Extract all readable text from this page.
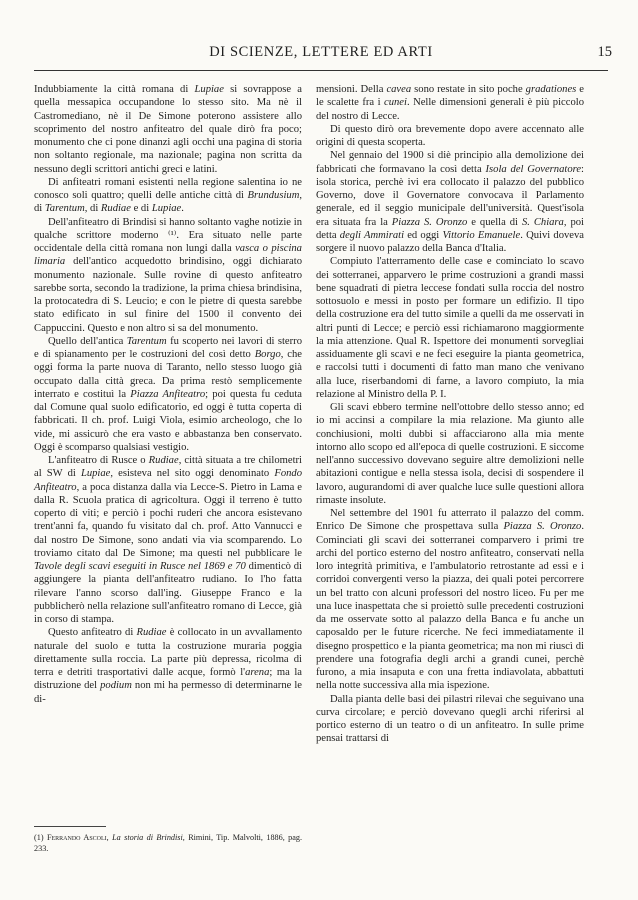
DI SCIENZE, LETTERE ED ARTI	15

Indubbiamente la città romana di Lupiae si sovrappose a quella messapica occupandone lo stesso sito. Ma nè il Castromediano, nè il De Simone poterono assistere allo scoprimento del nostro anfiteatro del quale dirò fra poco; monumento che ci pone dinanzi agli occhi una pagina di storia non soltanto regionale, ma nazionale; pagina non scritta da nessuno degli scrittori antichi greci e latini.

Di anfiteatri romani esistenti nella regione salentina io ne conosco soli quattro; quelli delle antiche città di Brundusium, di Tarentum, di Rudiae e di Lupiae.

Dell'anfiteatro di Brindisi si hanno soltanto vaghe notizie in qualche scrittore moderno ⁽¹⁾. Era situato nelle parte occidentale della città romana non lungi dalla vasca o piscina limaria dell'antico acquedotto brindisino, oggi dichiarato monumento nazionale. Sulle rovine di questo anfiteatro sarebbe sorta, secondo la tradizione, la prima chiesa brindisina, la protocatedra di S. Leucio; e con le pietre di questa sarebbe stato edificato in sul finire del 1500 il convento dei Cappuccini. Questo e non altro si sa del monumento.

Quello dell'antica Tarentum fu scoperto nei lavori di sterro e di spianamento per le costruzioni del così detto Borgo, che oggi forma la parte nuova di Taranto, nello stesso luogo già occupato dalla città greca. Da prima restò semplicemente interrato e costituì la Piazza Anfiteatro; poi questa fu ceduta dal Comune qual suolo edificatorio, ed oggi è tutta coperta di fabbricati. Il ch. prof. Luigi Viola, esimio archeologo, che lo vide, mi assicurò che era vasto e abbastanza ben conservato. Oggi è scomparso qualsiasi vestigio.

L'anfiteatro di Rusce o Rudiae, città situata a tre chilometri al SW di Lupiae, esisteva nel sito oggi denominato Fondo Anfiteatro, a poca distanza dalla via Lecce-S. Pietro in Lama e dalla R. Scuola pratica di agricoltura. Oggi il terreno è tutto coperto di viti; e perciò i pochi ruderi che ancora esistevano trent'anni fa, quando fu visitato dal ch. prof. Atto Vannucci e dal nostro De Simone, sono andati via via scomparendo. Lo troviamo citato dal De Simone; ma questi nel pubblicare le Tavole degli scavi eseguiti in Rusce nel 1869 e 70 dimenticò di aggiungere la pianta dell'anfiteatro rudiano. Io l'ho fatta rilevare l'anno scorso dall'ing. Giuseppe Franco e la pubblicherò nella relazione sull'anfiteatro romano di Lecce, già in corso di stampa.

Questo anfiteatro di Rudiae è collocato in un avvallamento naturale del suolo e tutta la costruzione muraria poggia direttamente sulla roccia. La parte più depressa, ricolma di terra e detriti trasportativi dalle acque, formò l'arena; ma la distruzione del podium non mi ha permesso di determinarne le di-

mensioni. Della cavea sono restate in sito poche gradationes e le scalette fra i cunei. Nelle dimensioni generali è più piccolo del nostro di Lecce.

Di questo dirò ora brevemente dopo avere accennato alle origini di questa scoperta.

Nel gennaio del 1900 si diè principio alla demolizione dei fabbricati che formavano la così detta Isola del Governatore: isola storica, perchè ivi era collocato il palazzo del pubblico Governo, dove il Governatore convocava il Parlamento generale, ed il seggio municipale dell'università. Quest'isola era situata fra la Piazza S. Oronzo e quella di S. Chiara, poi detta degli Ammirati ed oggi Vittorio Emanuele. Quivi doveva sorgere il nuovo palazzo della Banca d'Italia.

Compiuto l'atterramento delle case e cominciato lo scavo dei sotterranei, apparvero le prime costruzioni a grandi massi bene squadrati di pietra leccese fondati sulla roccia del nostro sottosuolo e messi in posto per formare un edifizio. Il tipo della costruzione era del tutto simile a quelli da me osservati in altri punti di Lecce; e perciò essi richiamarono maggiormente la mia attenzione. Qual R. Ispettore dei monumenti sorvegliai assiduamente gli scavi e ne feci eseguire la pianta geometrica, e raccolsi tutti i documenti di fatto man mano che venivano alla luce, riserbandomi di farne, a lavoro compiuto, la mia relazione al Ministro della P. I.

Gli scavi ebbero termine nell'ottobre dello stesso anno; ed io mi accinsi a compilare la mia relazione. Ma giunto alle conchiusioni, molti dubbi si affacciarono alla mia mente intorno allo scopo ed all'epoca di quelle costruzioni. E siccome nell'anno successivo dovevano seguire altre demolizioni nelle abitazioni contigue e nella stessa isola, decisi di sospendere il lavoro, augurandomi di aver qualche luce sulle questioni allora rimaste insolute.

Nel settembre del 1901 fu atterrato il palazzo del comm. Enrico De Simone che prospettava sulla Piazza S. Oronzo. Cominciati gli scavi dei sotterranei comparvero i primi tre archi del portico esterno del nostro anfiteatro, conservati nella loro integrità primitiva, e l'ambulatorio retrostante ad essi e i corridoi convergenti verso la piazza, dei quali potei percorrere un bel tratto con alcuni professori del nostro liceo. Fu per me una luce inaspettata che si proiettò sulle precedenti costruzioni da me osservate sotto al palazzo della Banca e fu anche un caposaldo per le future ricerche. Ne feci immediatamente il disegno prospettico e la pianta geometrica; ma non mi riuscì di prendere una fotografia degli archi a grandi cunei, perchè furono, a mia insaputa e con una fretta indiavolata, abbattuti nella notte successiva alla mia ispezione.

Dalla pianta delle basi dei pilastri rilevai che seguivano una curva circolare; e perciò dovevano quegli archi riferirsi al portico esterno di un teatro o di un anfiteatro. In sulle prime pensai trattarsi di

(1) Ferrando Ascoli, La storia di Brindisi, Rimini, Tip. Malvolti, 1886, pag. 233.
